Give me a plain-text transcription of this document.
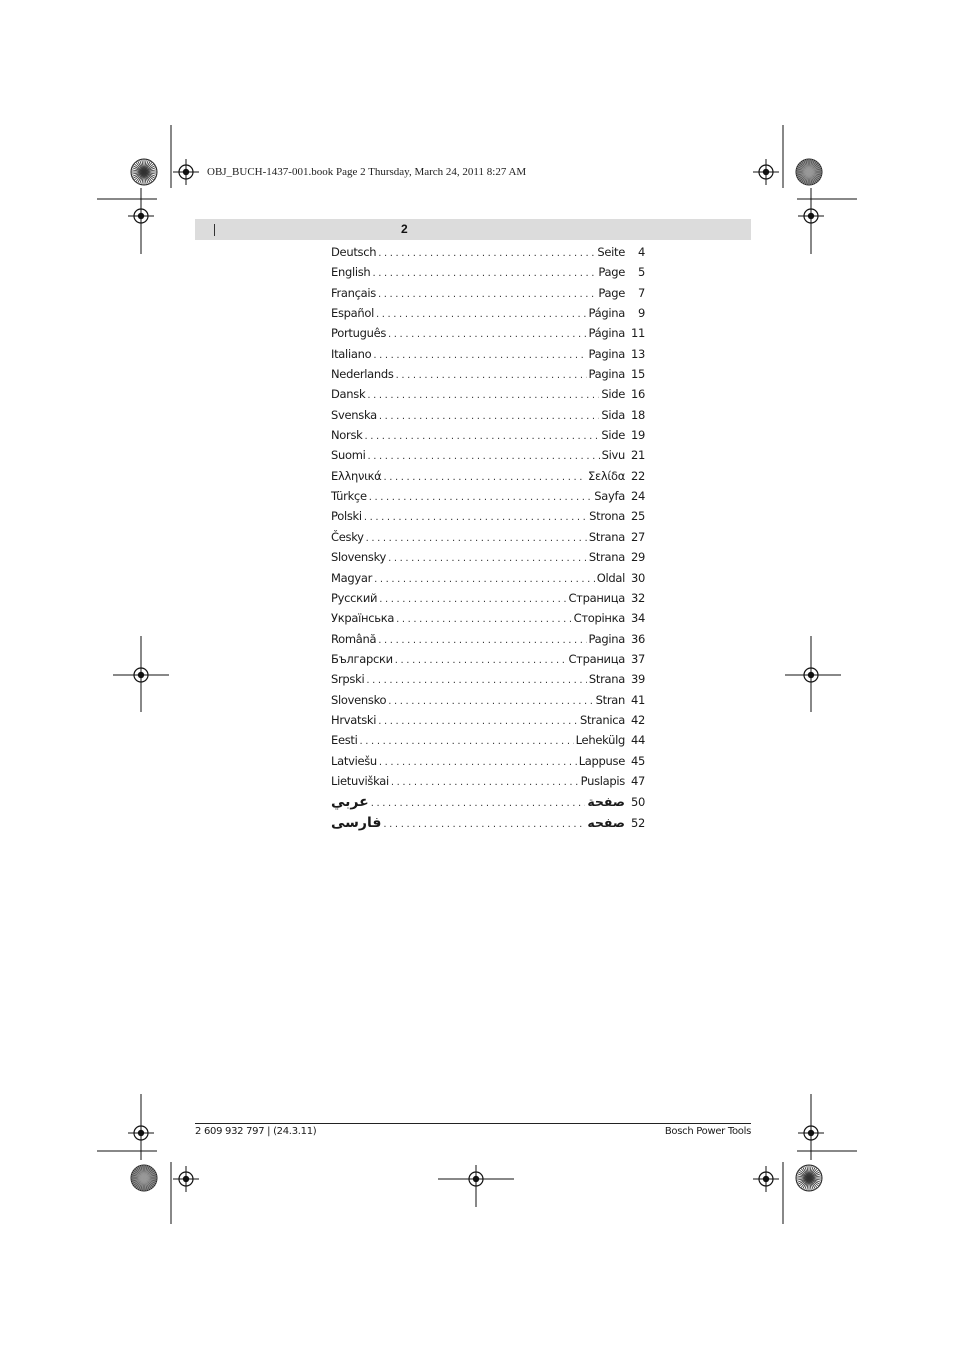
OBJ_BUCH-1437-001.book Page 2 Thursday, March 24, 2011 8:27 AM
2
Deutsch . . .	Seite	4
English . . .	Page	5
Français . . .	Page	7
Español . . .	Página	9
Português . . .	Página 11
Italiano . . .	Pagina 13
Nederlands . . .	Pagina 15
Dansk . . .	Side 16
Svenska . . .	Sida 18
Norsk . . .	Side 19
Suomi . . .	Sivu 21
Ελληνικά . . .	Σελίδα 22
Türkçe . . .	Sayfa 24
Polski . . .	Strona 25
Česky . . .	Strana 27
Slovensky . . .	Strana 29
Magyar . . .	Oldal 30
Русский . . .	Страница 32
Українська . . .	Сторінка 34
Română . . .	Pagina 36
Български . . .	Страница 37
Srpski . . .	Strana 39
Slovensko . . .	Stran 41
Hrvatski . . .	Stranica 42
Eesti . . .	Lehekülg 44
Latviešu . . .	Lappuse 45
Lietuviškai . . .	Puslapis 47
عربي . . .	صفحة 50
فارسی . . .	صفحه 52
2 609 932 797 | (24.3.11)	Bosch Power Tools
